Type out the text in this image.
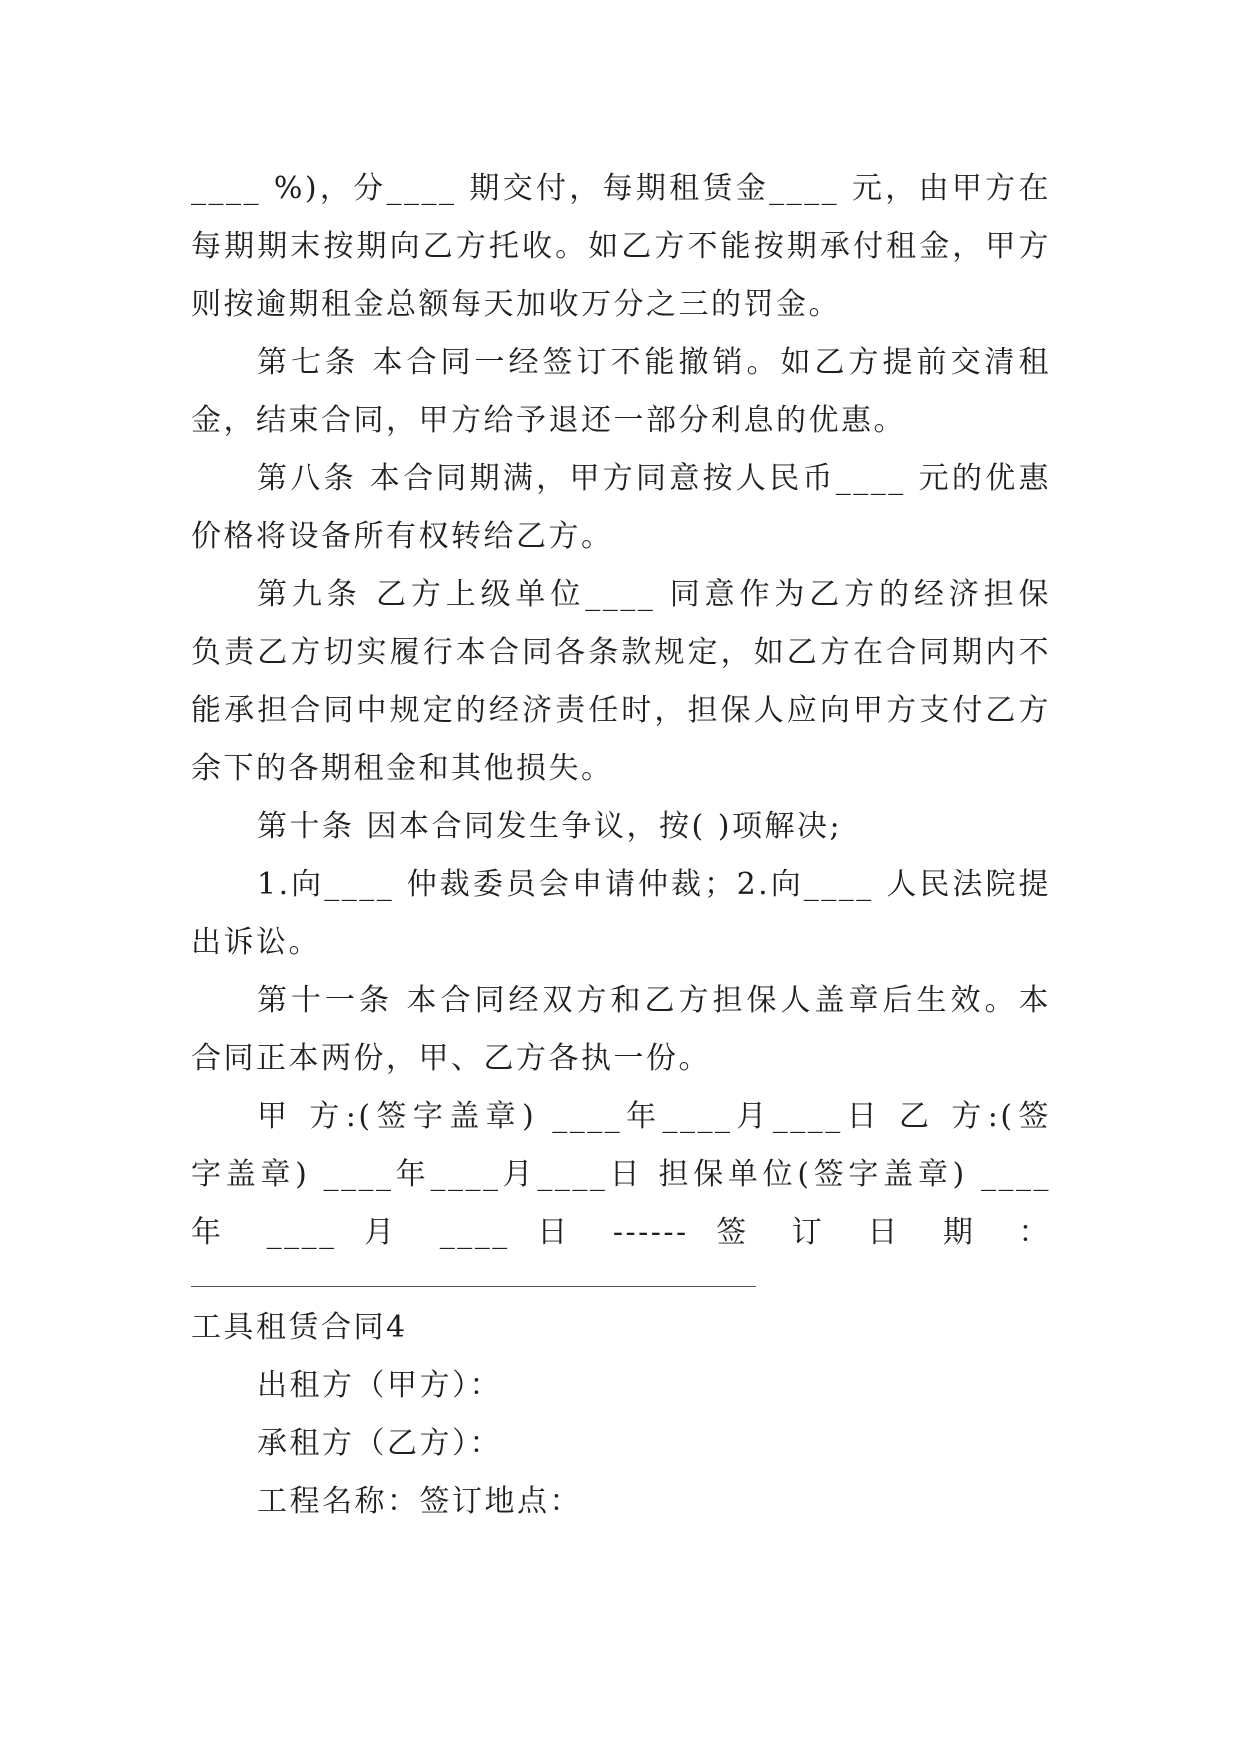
____ %)，分____ 期交付，每期租赁金____ 元，由甲方在
每期期末按期向乙方托收。如乙方不能按期承付租金，甲方
则按逾期租金总额每天加收万分之三的罚金。
第七条 本合同一经签订不能撤销。如乙方提前交清租
金，结束合同，甲方给予退还一部分利息的优惠。
第八条 本合同期满，甲方同意按人民币____ 元的优惠
价格将设备所有权转给乙方。
第九条 乙方上级单位____ 同意作为乙方的经济担保
负责乙方切实履行本合同各条款规定，如乙方在合同期内不
能承担合同中规定的经济责任时，担保人应向甲方支付乙方
余下的各期租金和其他损失。
第十条 因本合同发生争议，按( )项解决;
1.向____ 仲裁委员会申请仲裁；2.向____ 人民法院提
出诉讼。
第十一条 本合同经双方和乙方担保人盖章后生效。本
合同正本两份，甲、乙方各执一份。
甲 方:(签字盖章) ____年____月____日 乙 方:(签
字盖章) ____年____月____日 担保单位(签字盖章) ____
年 ____ 月 ____ 日 ------ 签 订 日 期 ：
工具租赁合同4
出租方（甲方）：
承租方（乙方）：
工程名称：签订地点：
